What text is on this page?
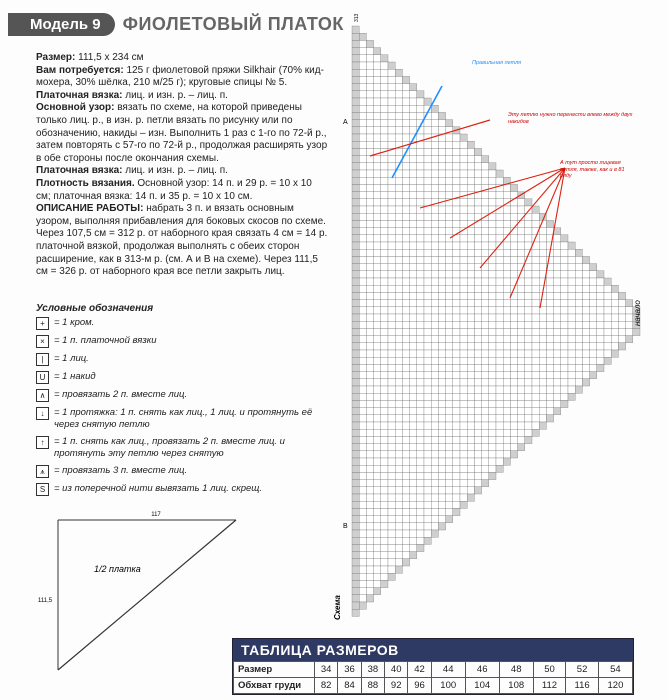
Модель 9	ФИОЛЕТОВЫЙ ПЛАТОК

Размер: 111,5 x 234 см

Вам потребуется: 125 г фиолетовой пряжи Silkhair (70% кид-мохера, 30% шёлка, 210 м/25 г); круговые спицы № 5.

Платочная вязка: лиц. и изн. р. – лиц. п.

Основной узор: вязать по схеме, на которой приведены только лиц. р., в изн. р. петли вязать по рисунку или по обозначению, накиды – изн. Выполнить 1 раз с 1-го по 72-й р., затем повторять с 57-го по 72-й р., продолжая расширять узор в обе стороны после окончания схемы.

Платочная вязка: лиц. и изн. р. – лиц. п.

Плотность вязания. Основной узор: 14 п. и 29 р. = 10 x 10 см; платочная вязка: 14 п. и 35 р. = 10 x 10 см.

ОПИСАНИЕ РАБОТЫ: набрать 3 п. и вязать основным узором, выполняя прибавления для боковых скосов по схеме. Через 107,5 см = 312 р. от наборного края связать 4 см = 14 р. платочной вязкой, продолжая выполнять с обеих сторон расширение, как в 313-м р. (см. А и В на схеме). Через 111,5 см = 326 р. от наборного края все петли закрыть лиц.

Условные обозначения
+ = 1 кром.
× = 1 п. платочной вязки
|	= 1 лиц.
U = 1 накид
∧ = провязать 2 п. вместе лиц.
↓	= 1 протяжка: 1 п. снять как лиц., 1 лиц. и протянуть её через снятую петлю
↑	= 1 п. снять как лиц., провязать 2 п. вместе лиц. и протянуть эту петлю через снятую
⩚ = провязать 3 п. вместе лиц.
S = из поперечной нити вывязать 1 лиц. скрещ.
117
111,5
1/2 платка
313
A
B
начало
Схема
Правильная петля
Эту петлю нужно перенести влево между двух накидов
А тут просто лицевая петля, также, как и в 81 ряду
ТАБЛИЦА РАЗМЕРОВ
Размер	34	36	38	40	42	44	46	48	50	52	54
Обхват груди	82	84	88	92	96	100	104	108	112	116	120
